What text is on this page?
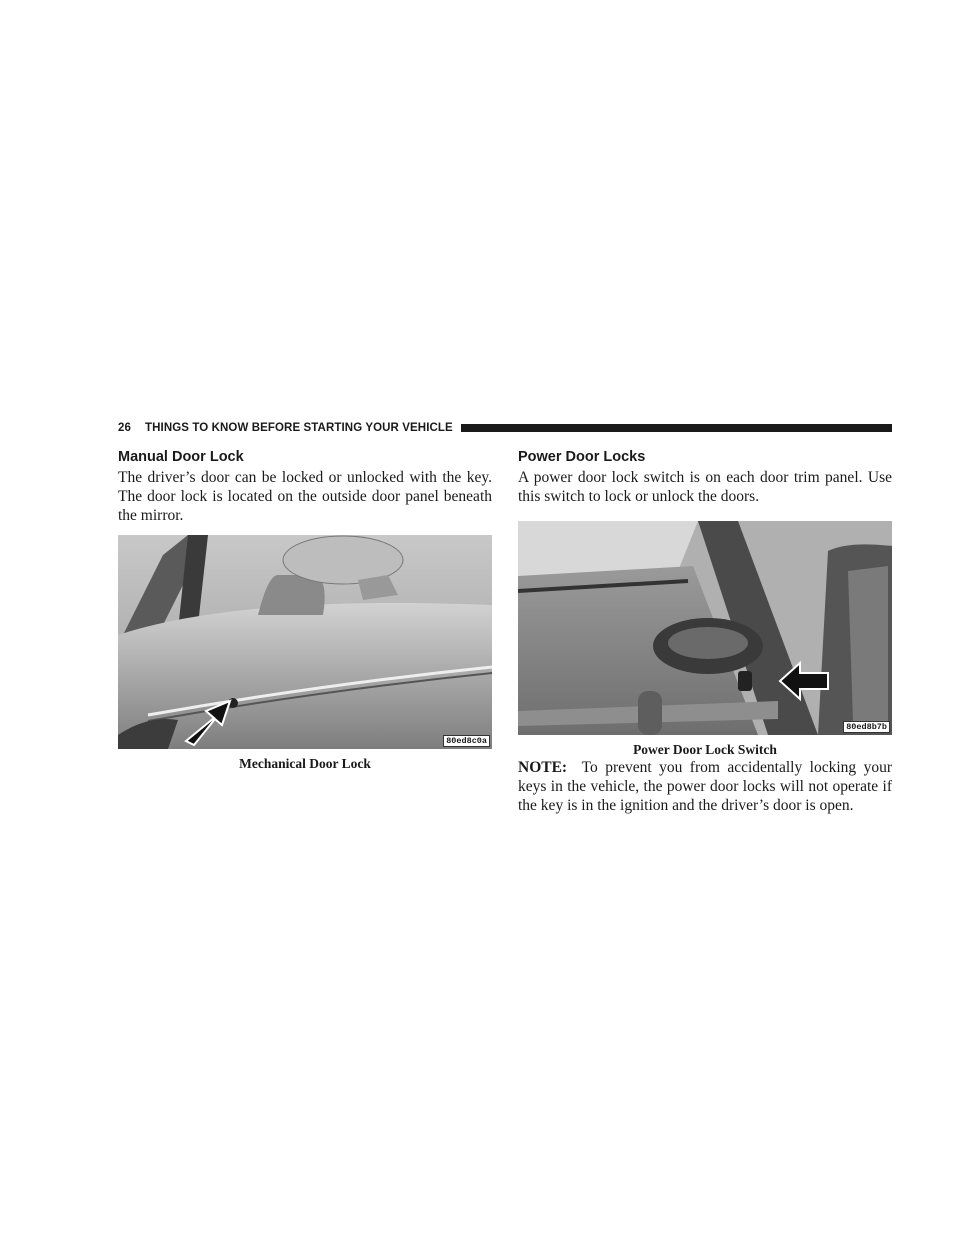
26 THINGS TO KNOW BEFORE STARTING YOUR VEHICLE
Manual Door Lock

The driver’s door can be locked or unlocked with the key. The door lock is located on the outside door panel beneath the mirror.

80ed8c0a
Mechanical Door Lock
Power Door Locks

A power door lock switch is on each door trim panel. Use this switch to lock or unlock the doors.

80ed8b7b
Power Door Lock Switch

NOTE: To prevent you from accidentally locking your keys in the vehicle, the power door locks will not operate if the key is in the ignition and the driver’s door is open.
